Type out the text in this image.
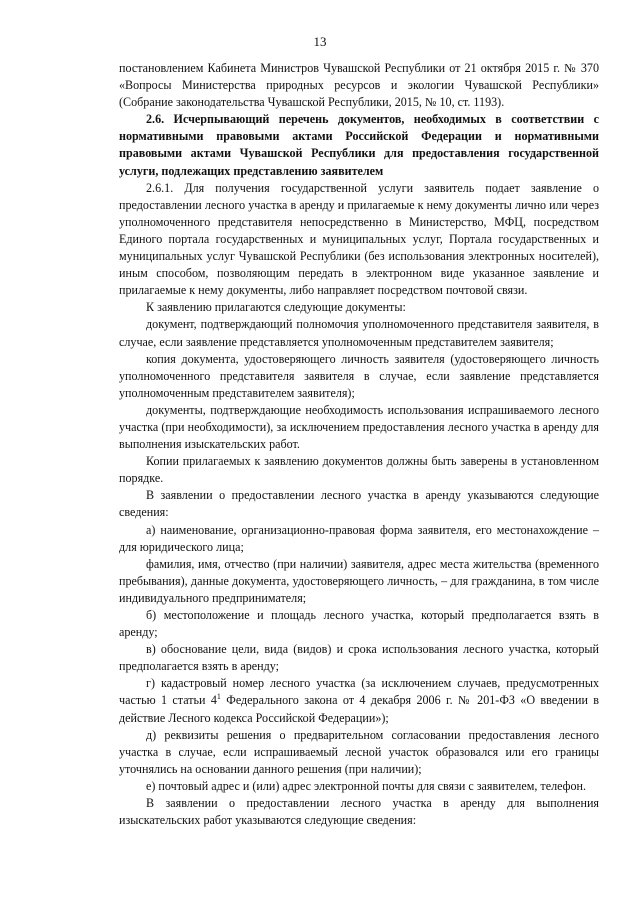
13

постановлением Кабинета Министров Чувашской Республики от 21 октября 2015 г. № 370 «Вопросы Министерства природных ресурсов и экологии Чувашской Республики» (Собрание законодательства Чувашской Республики, 2015, № 10, ст. 1193).

2.6. Исчерпывающий перечень документов, необходимых в соответствии с нормативными правовыми актами Российской Федерации и нормативными правовыми актами Чувашской Республики для предоставления государственной услуги, подлежащих представлению заявителем

2.6.1. Для получения государственной услуги заявитель подает заявление о предоставлении лесного участка в аренду и прилагаемые к нему документы лично или через уполномоченного представителя непосредственно в Министерство, МФЦ, посредством Единого портала государственных и муниципальных услуг, Портала государственных и муниципальных услуг Чувашской Республики (без использования электронных носителей), иным способом, позволяющим передать в электронном виде указанное заявление и прилагаемые к нему документы, либо направляет посредством почтовой связи.

К заявлению прилагаются следующие документы:

документ, подтверждающий полномочия уполномоченного представителя заявителя, в случае, если заявление представляется уполномоченным представителем заявителя;

копия документа, удостоверяющего личность заявителя (удостоверяющего личность уполномоченного представителя заявителя в случае, если заявление представляется уполномоченным представителем заявителя);

документы, подтверждающие необходимость использования испрашиваемого лесного участка (при необходимости), за исключением предоставления лесного участка в аренду для выполнения изыскательских работ.

Копии прилагаемых к заявлению документов должны быть заверены в установленном порядке.

В заявлении о предоставлении лесного участка в аренду указываются следующие сведения:

а) наименование, организационно-правовая форма заявителя, его местонахождение – для юридического лица;

фамилия, имя, отчество (при наличии) заявителя, адрес места жительства (временного пребывания), данные документа, удостоверяющего личность, – для гражданина, в том числе индивидуального предпринимателя;

б) местоположение и площадь лесного участка, который предполагается взять в аренду;

в) обоснование цели, вида (видов) и срока использования лесного участка, который предполагается взять в аренду;

г) кадастровый номер лесного участка (за исключением случаев, предусмотренных частью 1 статьи $4^1$ Федерального закона от 4 декабря 2006 г. № 201-ФЗ «О введении в действие Лесного кодекса Российской Федерации»);

д) реквизиты решения о предварительном согласовании предоставления лесного участка в случае, если испрашиваемый лесной участок образовался или его границы уточнялись на основании данного решения (при наличии);

е) почтовый адрес и (или) адрес электронной почты для связи с заявителем, телефон.

В заявлении о предоставлении лесного участка в аренду для выполнения изыскательских работ указываются следующие сведения:
